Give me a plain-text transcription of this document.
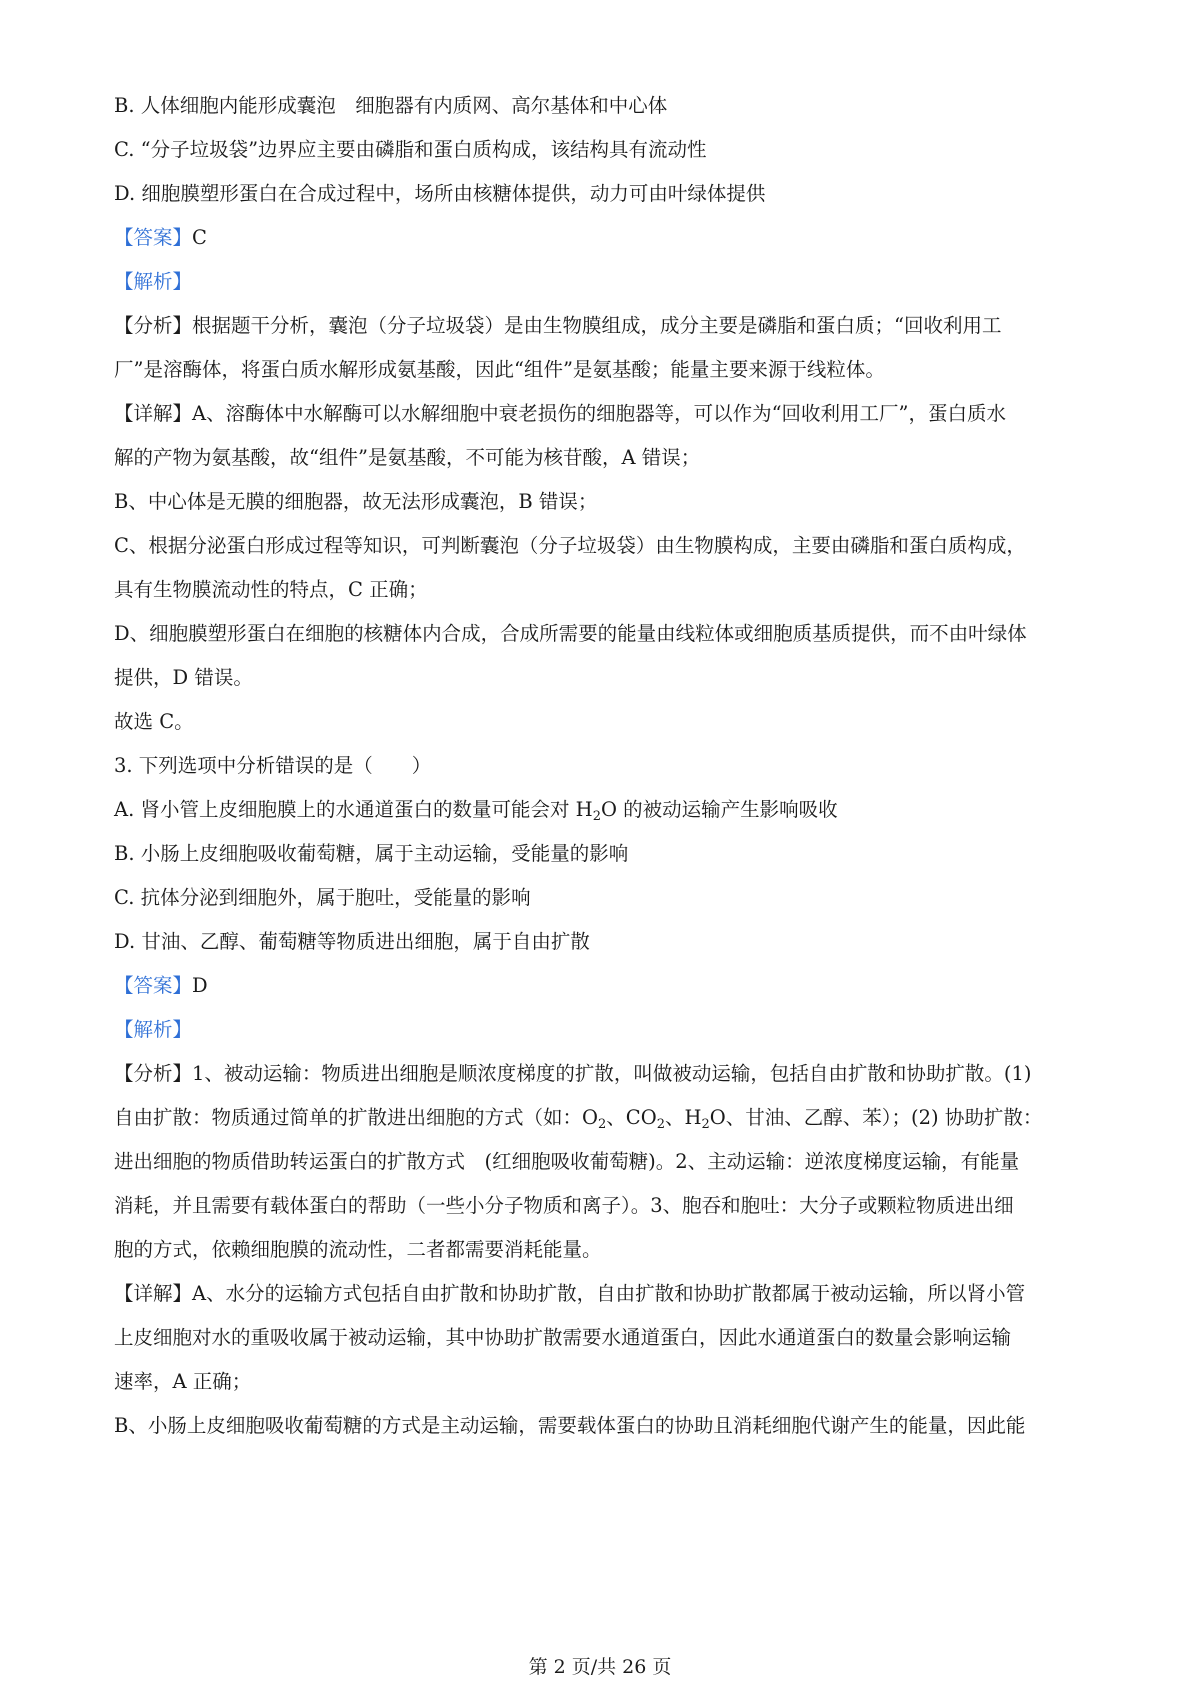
B. 人体细胞内能形成囊泡　细胞器有内质网、高尔基体和中心体
C. “分子垃圾袋”边界应主要由磷脂和蛋白质构成，该结构具有流动性
D. 细胞膜塑形蛋白在合成过程中，场所由核糖体提供，动力可由叶绿体提供
【答案】C
【解析】
【分析】根据题干分析，囊泡（分子垃圾袋）是由生物膜组成，成分主要是磷脂和蛋白质；“回收利用工
厂”是溶酶体，将蛋白质水解形成氨基酸，因此“组件”是氨基酸；能量主要来源于线粒体。
【详解】A、溶酶体中水解酶可以水解细胞中衰老损伤的细胞器等，可以作为“回收利用工厂”，蛋白质水
解的产物为氨基酸，故“组件”是氨基酸，不可能为核苷酸，A 错误；
B、中心体是无膜的细胞器，故无法形成囊泡，B 错误；
C、根据分泌蛋白形成过程等知识，可判断囊泡（分子垃圾袋）由生物膜构成，主要由磷脂和蛋白质构成，
具有生物膜流动性的特点，C 正确；
D、细胞膜塑形蛋白在细胞的核糖体内合成，合成所需要的能量由线粒体或细胞质基质提供，而不由叶绿体
提供，D 错误。
故选 C。
3. 下列选项中分析错误的是（　　）
A. 肾小管上皮细胞膜上的水通道蛋白的数量可能会对 $H_2O$ 的被动运输产生影响吸收
B. 小肠上皮细胞吸收葡萄糖，属于主动运输，受能量的影响
C. 抗体分泌到细胞外，属于胞吐，受能量的影响
D. 甘油、乙醇、葡萄糖等物质进出细胞，属于自由扩散
【答案】D
【解析】
【分析】1、被动运输：物质进出细胞是顺浓度梯度的扩散，叫做被动运输，包括自由扩散和协助扩散。(1)
自由扩散：物质通过简单的扩散进出细胞的方式（如：$O_2$、$CO_2$、$H_2O$、甘油、乙醇、苯）；(2) 协助扩散：
进出细胞的物质借助转运蛋白的扩散方式　(红细胞吸收葡萄糖)。2、主动运输：逆浓度梯度运输，有能量
消耗，并且需要有载体蛋白的帮助（一些小分子物质和离子）。3、胞吞和胞吐：大分子或颗粒物质进出细
胞的方式，依赖细胞膜的流动性，二者都需要消耗能量。
【详解】A、水分的运输方式包括自由扩散和协助扩散，自由扩散和协助扩散都属于被动运输，所以肾小管
上皮细胞对水的重吸收属于被动运输，其中协助扩散需要水通道蛋白，因此水通道蛋白的数量会影响运输
速率，A 正确；
B、小肠上皮细胞吸收葡萄糖的方式是主动运输，需要载体蛋白的协助且消耗细胞代谢产生的能量，因此能
第 2 页/共 26 页
